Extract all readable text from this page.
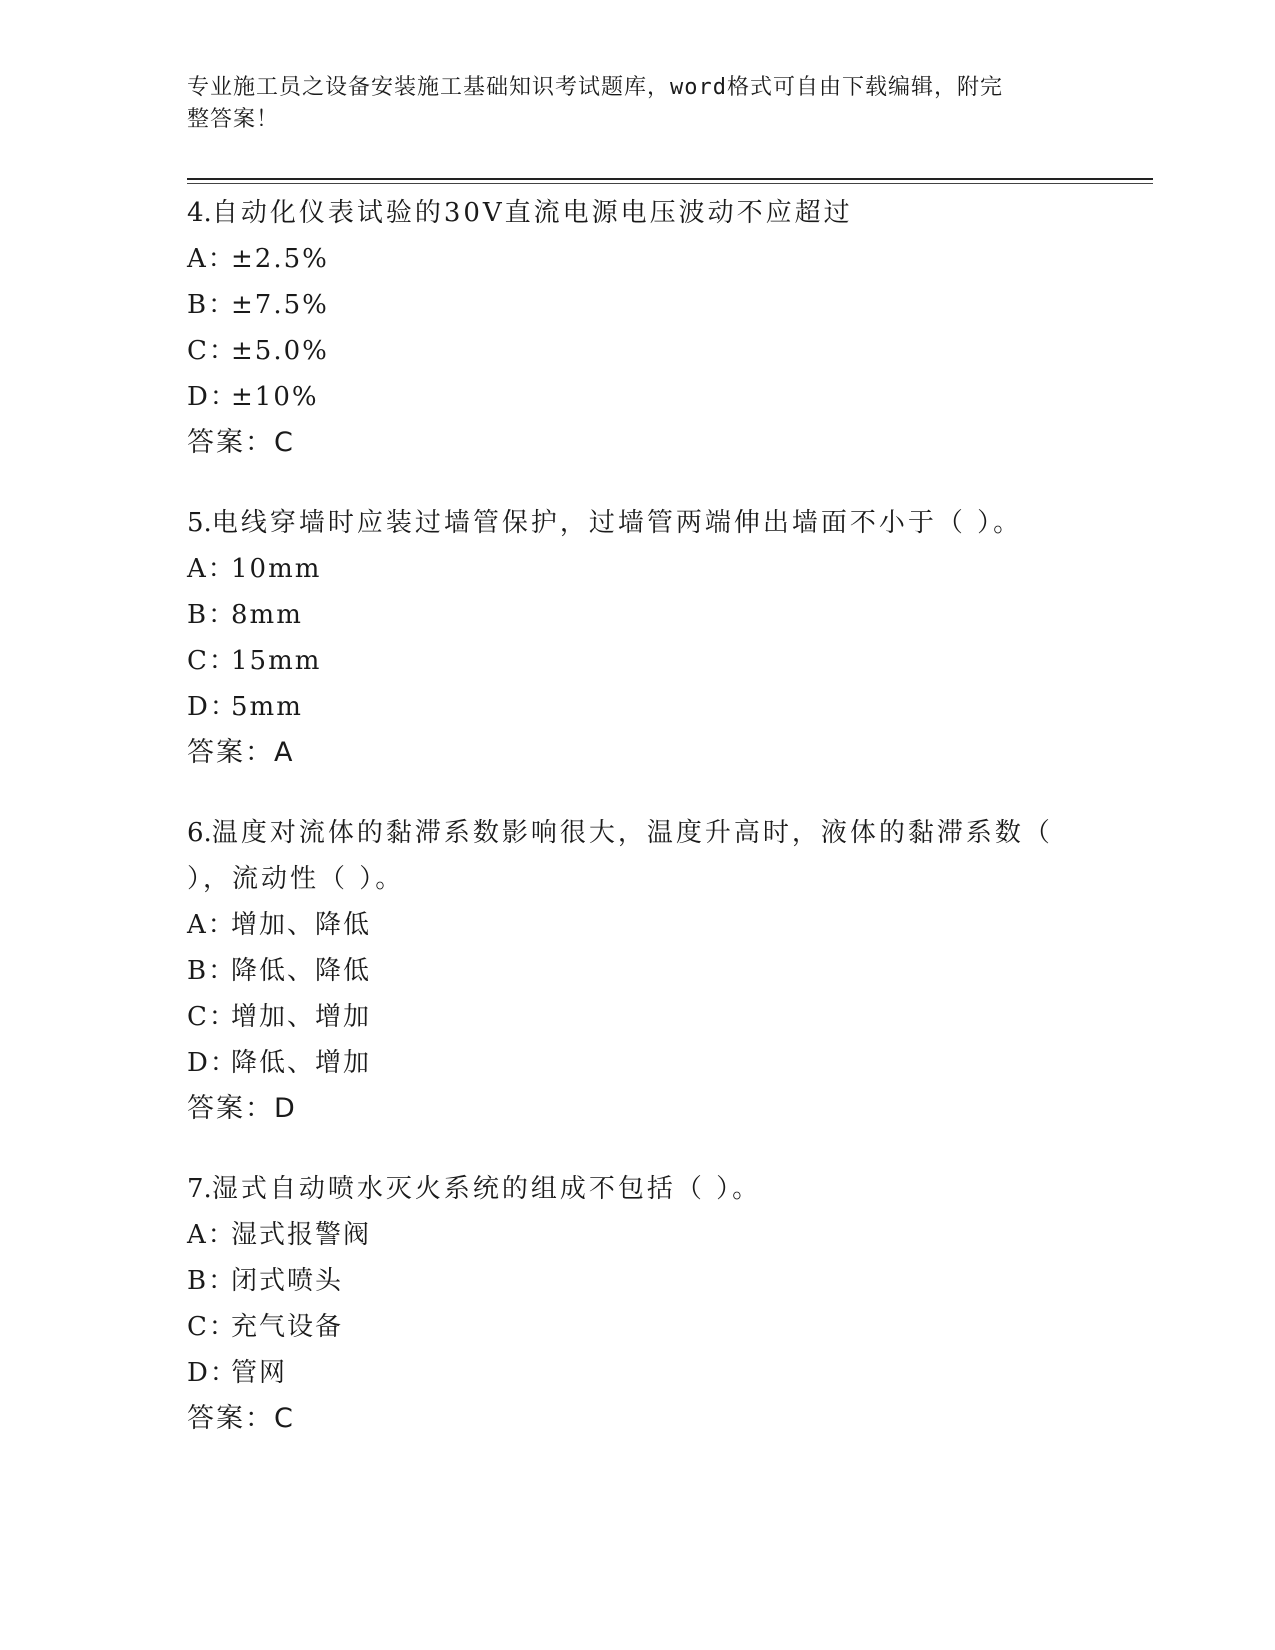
专业施工员之设备安装施工基础知识考试题库，word格式可自由下载编辑，附完
整答案！

4.自动化仪表试验的30V直流电源电压波动不应超过

A：
±2.5%

B：
±7.5%

C：
±5.0%

D：
±10%

答案：C

5.电线穿墙时应装过墙管保护，过墙管两端伸出墙面不小于（ ）。

A：
10mm

B：
8mm

C：
15mm

D：
5mm

答案：A

6.温度对流体的黏滞系数影响很大，温度升高时，液体的黏滞系数（

），流动性（ ）。

A：
增加、降低

B：
降低、降低

C：
增加、增加

D：
降低、增加

答案：D

7.湿式自动喷水灭火系统的组成不包括（ ）。

A：
湿式报警阀

B：
闭式喷头

C：
充气设备

D：
管网

答案：C
